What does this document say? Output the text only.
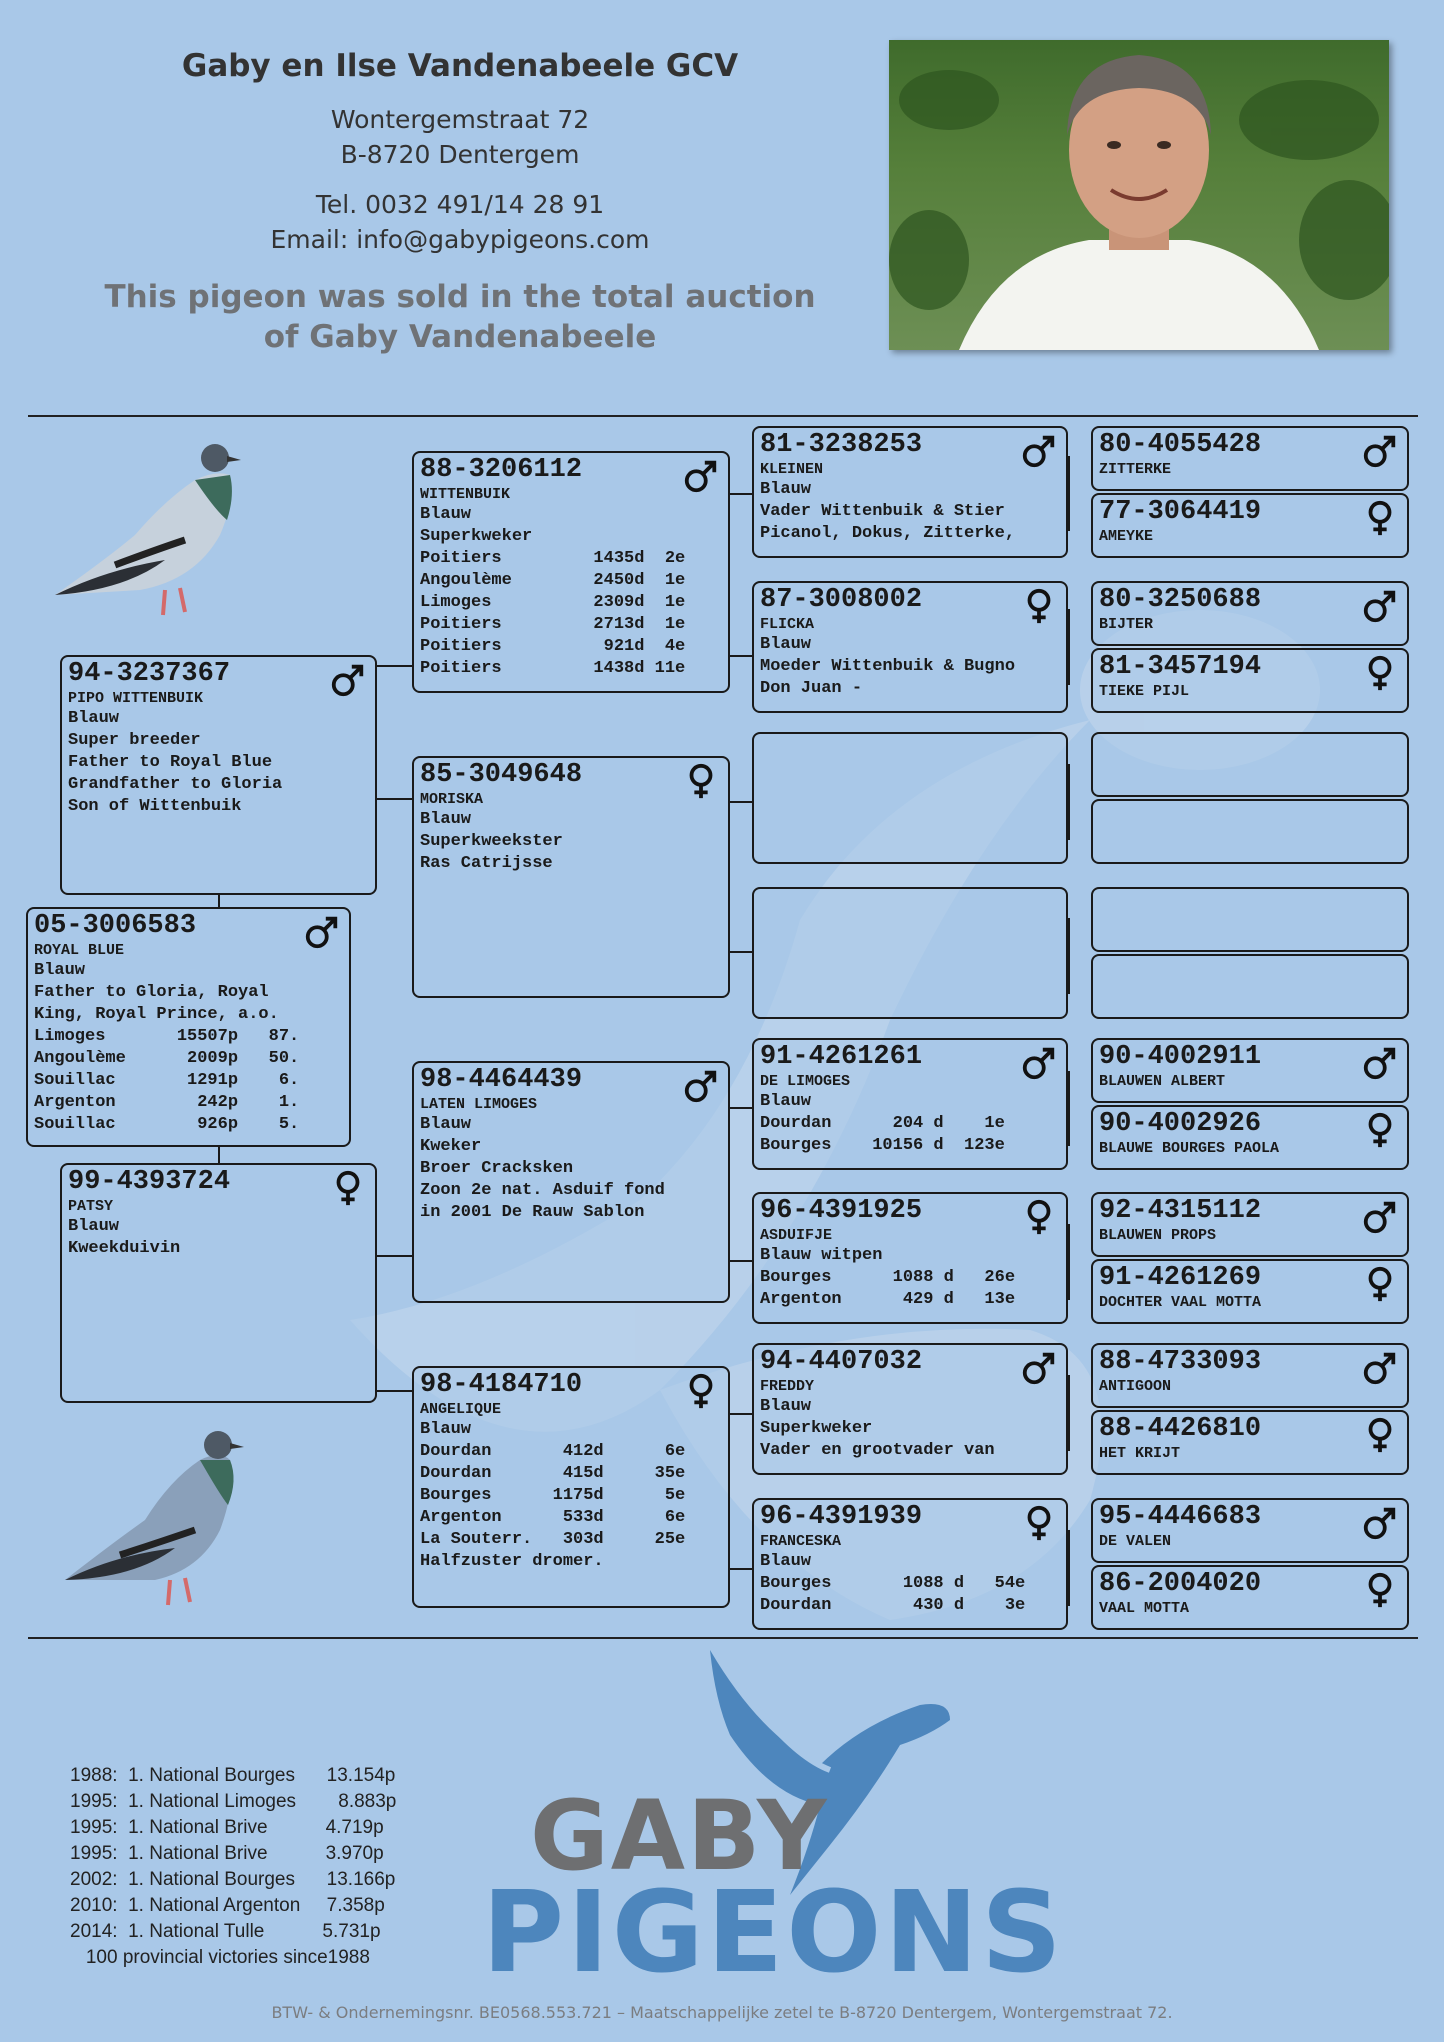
Gaby en Ilse Vandenabeele GCV
Wontergemstraat 72
B-8720 Dentergem
Tel. 0032 491/14 28 91
Email: info@gabypigeons.com
This pigeon was sold in the total auction
of Gaby Vandenabeele
05-3006583
ROYAL BLUE
Blauw
Father to Gloria, Royal
King, Royal Prince, a.o.
Limoges       15507p   87.
Angoulème      2009p   50.
Souillac       1291p    6.
Argenton        242p    1.
Souillac        926p    5.
94-3237367
PIPO WITTENBUIK
Blauw
Super breeder
Father to Royal Blue
Grandfather to Gloria
Son of Wittenbuik
99-4393724
PATSY
Blauw
Kweekduivin
88-3206112
WITTENBUIK
Blauw
Superkweker
Poitiers         1435d  2e
Angoulème        2450d  1e
Limoges          2309d  1e
Poitiers         2713d  1e
Poitiers          921d  4e
Poitiers         1438d 11e
85-3049648
MORISKA
Blauw
Superkweekster
Ras Catrijsse
98-4464439
LATEN LIMOGES
Blauw
Kweker
Broer Cracksken
Zoon 2e nat. Asduif fond
in 2001 De Rauw Sablon
98-4184710
ANGELIQUE
Blauw
Dourdan       412d      6e
Dourdan       415d     35e
Bourges      1175d      5e
Argenton      533d      6e
La Souterr.   303d     25e
Halfzuster dromer.
81-3238253
KLEINEN
Blauw
Vader Wittenbuik & Stier
Picanol, Dokus, Zitterke,
87-3008002
FLICKA
Blauw
Moeder Wittenbuik & Bugno
Don Juan -
91-4261261
DE LIMOGES
Blauw
Dourdan      204 d    1e
Bourges    10156 d  123e
96-4391925
ASDUIFJE
Blauw witpen
Bourges      1088 d   26e
Argenton      429 d   13e
94-4407032
FREDDY
Blauw
Superkweker
Vader en grootvader van
96-4391939
FRANCESKA
Blauw
Bourges       1088 d   54e
Dourdan        430 d    3e
80-4055428
ZITTERKE
77-3064419
AMEYKE
80-3250688
BIJTER
81-3457194
TIEKE PIJL
90-4002911
BLAUWEN ALBERT
90-4002926
BLAUWE BOURGES PAOLA
92-4315112
BLAUWEN PROPS
91-4261269
DOCHTER VAAL MOTTA
88-4733093
ANTIGOON
88-4426810
HET KRIJT
95-4446683
DE VALEN
86-2004020
VAAL MOTTA
1988:  1. National Bourges      13.154p
1995:  1. National Limoges        8.883p
1995:  1. National Brive           4.719p
1995:  1. National Brive           3.970p
2002:  1. National Bourges      13.166p
2010:  1. National Argenton     7.358p
2014:  1. National Tulle           5.731p
100 provincial victories since1988
GABY
PIGEONS
BTW- & Ondernemingsnr. BE0568.553.721 – Maatschappelijke zetel te B-8720 Dentergem, Wontergemstraat 72.
